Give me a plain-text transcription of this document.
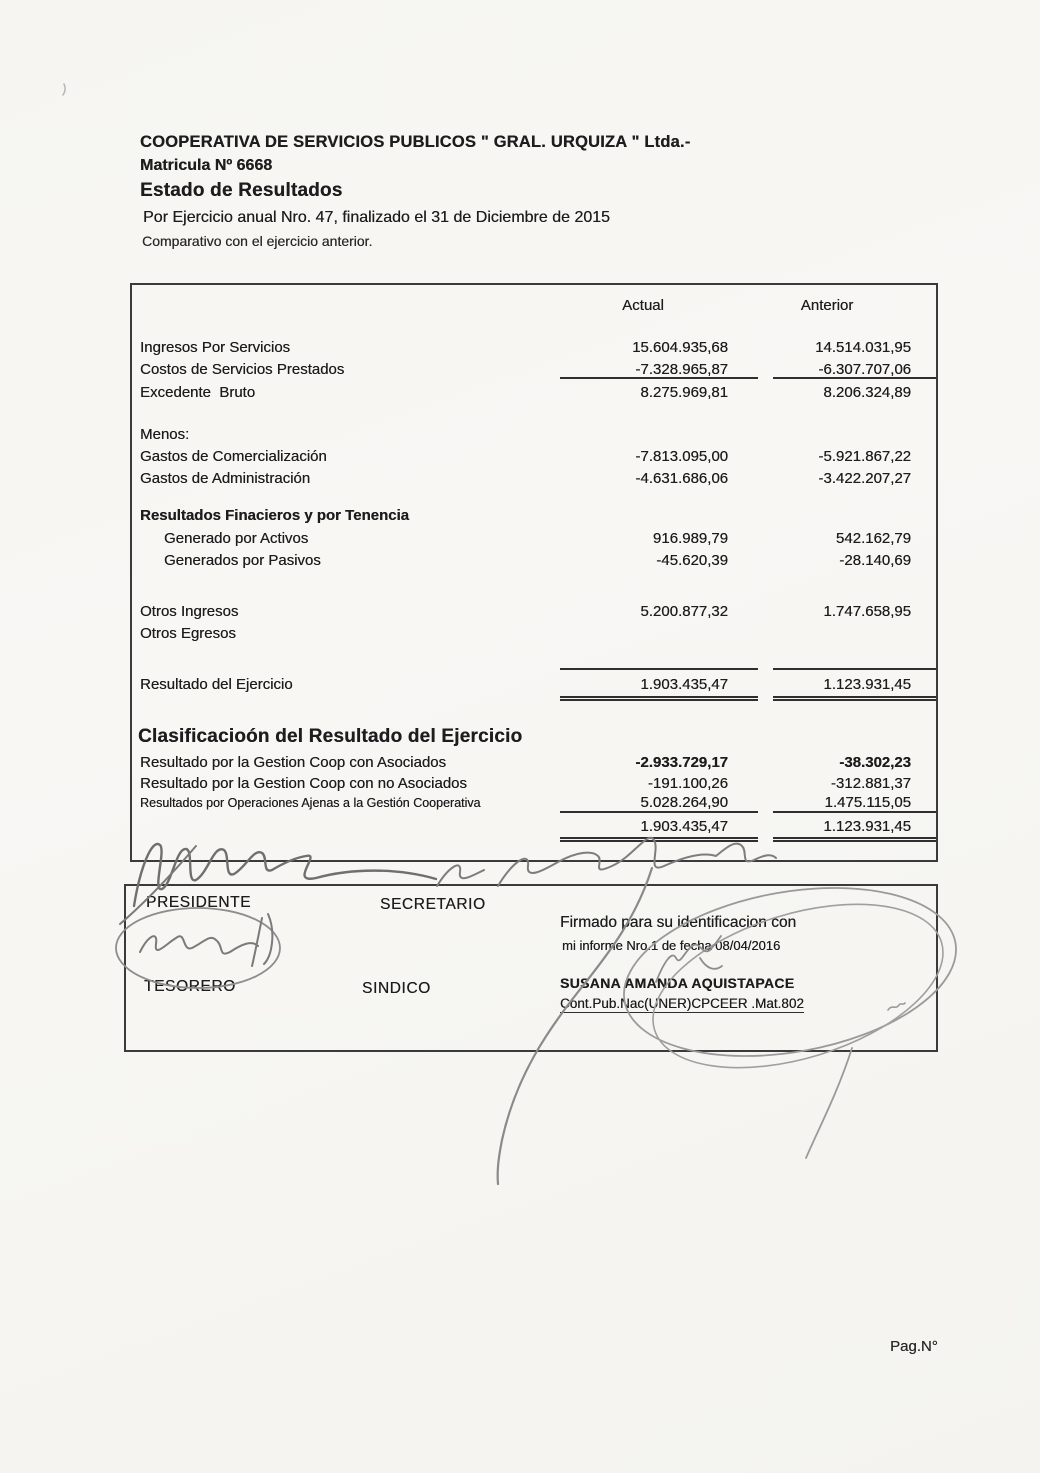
COOPERATIVA DE SERVICIOS PUBLICOS " GRAL. URQUIZA " Ltda.-
Matricula Nº 6668
Estado de Resultados
Por Ejercicio anual Nro. 47, finalizado el 31 de Diciembre de 2015
Comparativo con el ejercicio anterior.
Actual	Anterior
Ingresos Por Servicios	15.604.935,68	14.514.031,95
Costos de Servicios Prestados	-7.328.965,87	-6.307.707,06
Excedente  Bruto	8.275.969,81	8.206.324,89
Menos:
Gastos de Comercialización	-7.813.095,00	-5.921.867,22
Gastos de Administración	-4.631.686,06	-3.422.207,27
Resultados Finacieros y por Tenencia
Generado por Activos	916.989,79	542.162,79
Generados por Pasivos	-45.620,39	-28.140,69
Otros Ingresos	5.200.877,32	1.747.658,95
Otros Egresos
Resultado del Ejercicio	1.903.435,47	1.123.931,45
Clasificacioón del Resultado del Ejercicio
Resultado por la Gestion Coop con Asociados	-2.933.729,17	-38.302,23
Resultado por la Gestion Coop con no Asociados	-191.100,26	-312.881,37
Resultados por Operaciones Ajenas a la Gestión Cooperativa	5.028.264,90	1.475.115,05
1.903.435,47	1.123.931,45
PRESIDENTE	SECRETARIO
TESORERO	SINDICO
Firmado para su identificacion con
mi informe Nro.1 de fecha 08/04/2016
SUSANA AMANDA AQUISTAPACE
Cont.Pub.Nac(UNER)CPCEER .Mat.802
Pag.N°
